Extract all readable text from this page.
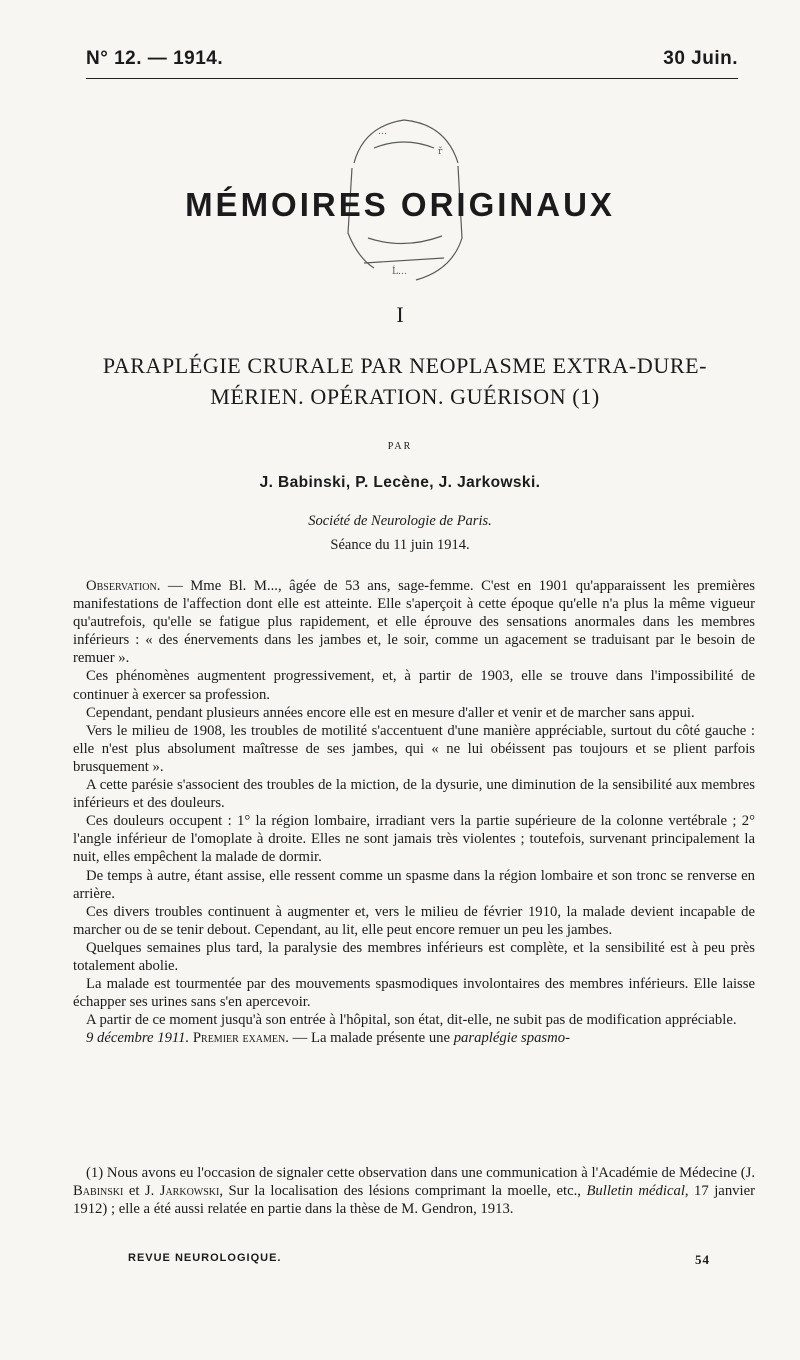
N° 12. — 1914.	30 Juin.
…
ř
Ĺ…
MÉMOIRES ORIGINAUX
I
PARAPLÉGIE CRURALE PAR NEOPLASME EXTRA-DURE-MÉRIEN. OPÉRATION. GUÉRISON (1)
PAR
J. Babinski, P. Lecène, J. Jarkowski.
Société de Neurologie de Paris.
Séance du 11 juin 1914.

Observation. — Mme Bl. M..., âgée de 53 ans, sage-femme. C'est en 1901 qu'apparaissent les premières manifestations de l'affection dont elle est atteinte. Elle s'aperçoit à cette époque qu'elle n'a plus la même vigueur qu'autrefois, qu'elle se fatigue plus rapidement, et elle éprouve des sensations anormales dans les membres inférieurs : « des énervements dans les jambes et, le soir, comme un agacement se traduisant par le besoin de remuer ».

Ces phénomènes augmentent progressivement, et, à partir de 1903, elle se trouve dans l'impossibilité de continuer à exercer sa profession.

Cependant, pendant plusieurs années encore elle est en mesure d'aller et venir et de marcher sans appui.

Vers le milieu de 1908, les troubles de motilité s'accentuent d'une manière appréciable, surtout du côté gauche : elle n'est plus absolument maîtresse de ses jambes, qui « ne lui obéissent pas toujours et se plient parfois brusquement ».

A cette parésie s'associent des troubles de la miction, de la dysurie, une diminution de la sensibilité aux membres inférieurs et des douleurs.

Ces douleurs occupent : 1° la région lombaire, irradiant vers la partie supérieure de la colonne vertébrale ; 2° l'angle inférieur de l'omoplate à droite. Elles ne sont jamais très violentes ; toutefois, survenant principalement la nuit, elles empêchent la malade de dormir.

De temps à autre, étant assise, elle ressent comme un spasme dans la région lombaire et son tronc se renverse en arrière.

Ces divers troubles continuent à augmenter et, vers le milieu de février 1910, la malade devient incapable de marcher ou de se tenir debout. Cependant, au lit, elle peut encore remuer un peu les jambes.

Quelques semaines plus tard, la paralysie des membres inférieurs est complète, et la sensibilité est à peu près totalement abolie.

La malade est tourmentée par des mouvements spasmodiques involontaires des membres inférieurs. Elle laisse échapper ses urines sans s'en apercevoir.

A partir de ce moment jusqu'à son entrée à l'hôpital, son état, dit-elle, ne subit pas de modification appréciable.

9 décembre 1911. Premier examen. — La malade présente une paraplégie spasmo-

(1) Nous avons eu l'occasion de signaler cette observation dans une communication à l'Académie de Médecine (J. Babinski et J. Jarkowski, Sur la localisation des lésions comprimant la moelle, etc., Bulletin médical, 17 janvier 1912) ; elle a été aussi relatée en partie dans la thèse de M. Gendron, 1913.
REVUE NEUROLOGIQUE.	54
